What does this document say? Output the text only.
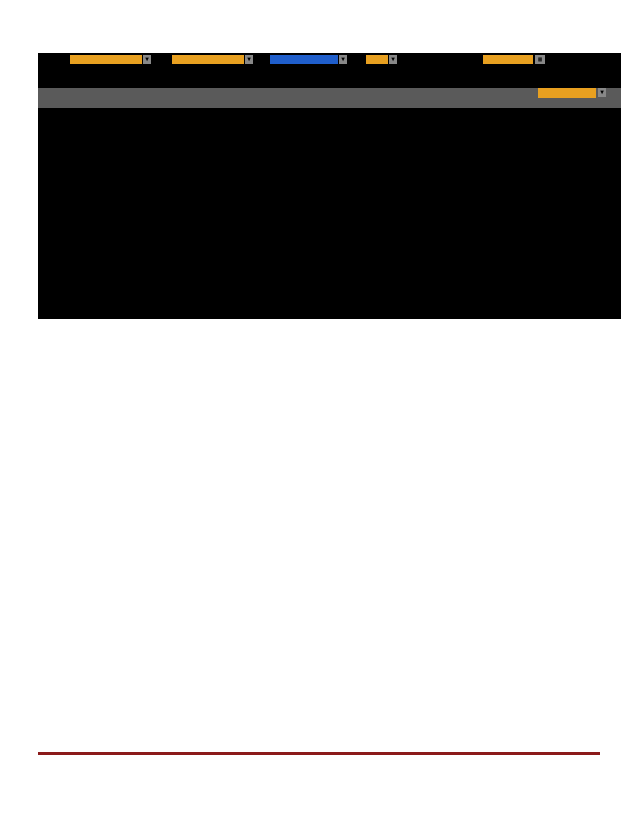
▼	▼	▼	▼	▦
▼
